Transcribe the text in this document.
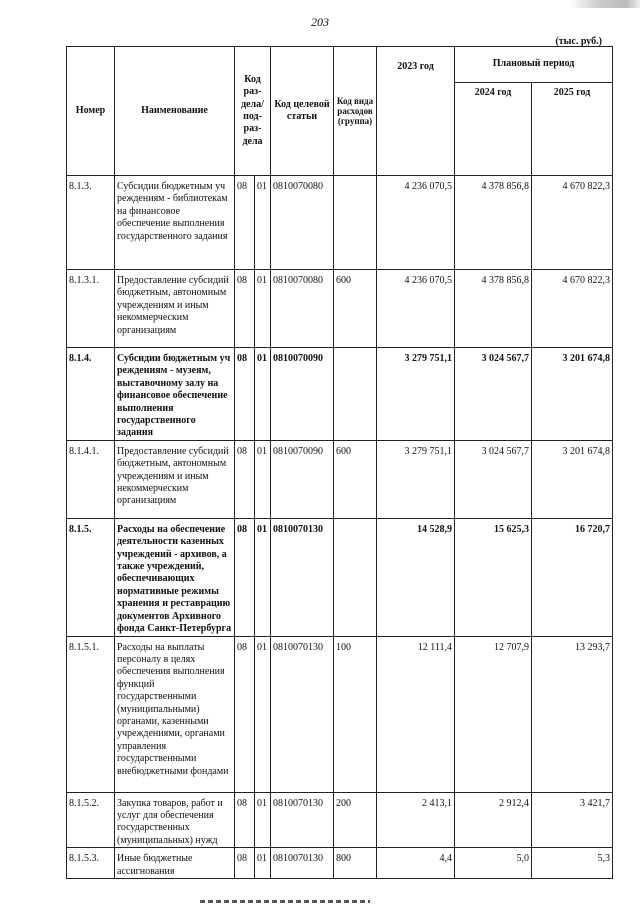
203
(тыс. руб.)
Номер	Наименование	Код раз-дела/ под-раз-дела		Код целевой статьи	Код вида расходов (группа)	2023 год	Плановый период	
							2024 год	2025 год
8.1.3.	Субсидии бюджетным уч реждениям - библиотекам на финансовое обеспечение выполнения государственного задания	08	01	0810070080		4 236 070,5	4 378 856,8	4 670 822,3
8.1.3.1.	Предоставление субсидий бюджетным, автономным учреждениям и иным некоммерческим организациям	08	01	0810070080	600	4 236 070,5	4 378 856,8	4 670 822,3
8.1.4.	Субсидии бюджетным уч реждениям - музеям, выставочному залу на финансовое обеспечение выполнения государственного задания	08	01	0810070090		3 279 751,1	3 024 567,7	3 201 674,8
8.1.4.1.	Предоставление субсидий бюджетным, автономным учреждениям и иным некоммерческим организациям	08	01	0810070090	600	3 279 751,1	3 024 567,7	3 201 674,8
8.1.5.	Расходы на обеспечение деятельности казенных учреждений - архивов, а также учреждений, обеспечивающих нормативные режимы хранения и реставрацию документов Архивного фонда Санкт-Петербурга	08	01	0810070130		14 528,9	15 625,3	16 720,7
8.1.5.1.	Расходы на выплаты персоналу в целях обеспечения выполнения функций государственными (муниципальными) органами, казенными учреждениями, органами управления государственными внебюджетными фондами	08	01	0810070130	100	12 111,4	12 707,9	13 293,7
8.1.5.2.	Закупка товаров, работ и услуг для обеспечения государственных (муниципальных) нужд	08	01	0810070130	200	2 413,1	2 912,4	3 421,7
8.1.5.3.	Иные бюджетные ассигнования	08	01	0810070130	800	4,4	5,0	5,3
